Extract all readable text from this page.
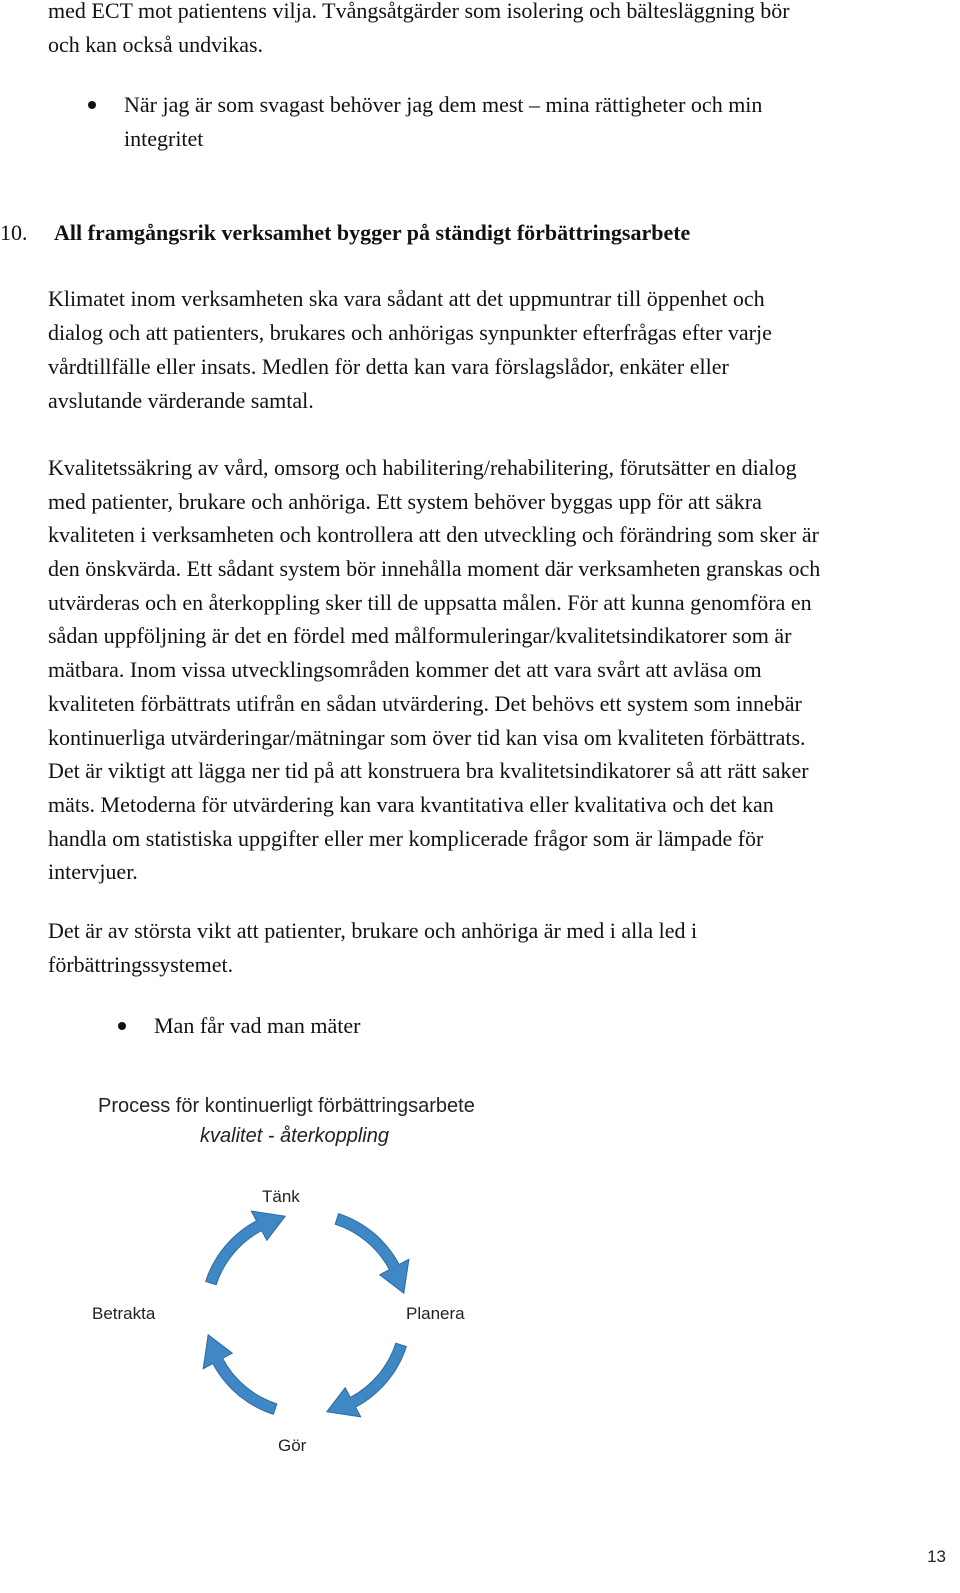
med ECT mot patientens vilja. Tvångsåtgärder som isolering och bältesläggning bör

och kan också undvikas.

När jag är som svagast behöver jag dem mest – mina rättigheter och min

integritet

10. All framgångsrik verksamhet bygger på ständigt förbättringsarbete

Klimatet inom verksamheten ska vara sådant att det uppmuntrar till öppenhet och

dialog och att patienters, brukares och anhörigas synpunkter efterfrågas efter varje

vårdtillfälle eller insats. Medlen för detta kan vara förslagslådor, enkäter eller

avslutande värderande samtal.

Kvalitetssäkring av vård, omsorg och habilitering/rehabilitering, förutsätter en dialog

med patienter, brukare och anhöriga. Ett system behöver byggas upp för att säkra

kvaliteten i verksamheten och kontrollera att den utveckling och förändring som sker är

den önskvärda. Ett sådant system bör innehålla moment där verksamheten granskas och

utvärderas och en återkoppling sker till de uppsatta målen. För att kunna genomföra en

sådan uppföljning är det en fördel med målformuleringar/kvalitetsindikatorer som är

mätbara. Inom vissa utvecklingsområden kommer det att vara svårt att avläsa om

kvaliteten förbättrats utifrån en sådan utvärdering. Det behövs ett system som innebär

kontinuerliga utvärderingar/mätningar som över tid kan visa om kvaliteten förbättrats.

Det är viktigt att lägga ner tid på att konstruera bra kvalitetsindikatorer så att rätt saker

mäts. Metoderna för utvärdering kan vara kvantitativa eller kvalitativa och det kan

handla om statistiska uppgifter eller mer komplicerade frågor som är lämpade för

intervjuer.

Det är av största vikt att patienter, brukare och anhöriga är med i alla led i

förbättringssystemet.

Man får vad man mäter

Process för kontinuerligt förbättringsarbete

kvalitet - återkoppling

Tänk

Planera

Gör

Betrakta

13
